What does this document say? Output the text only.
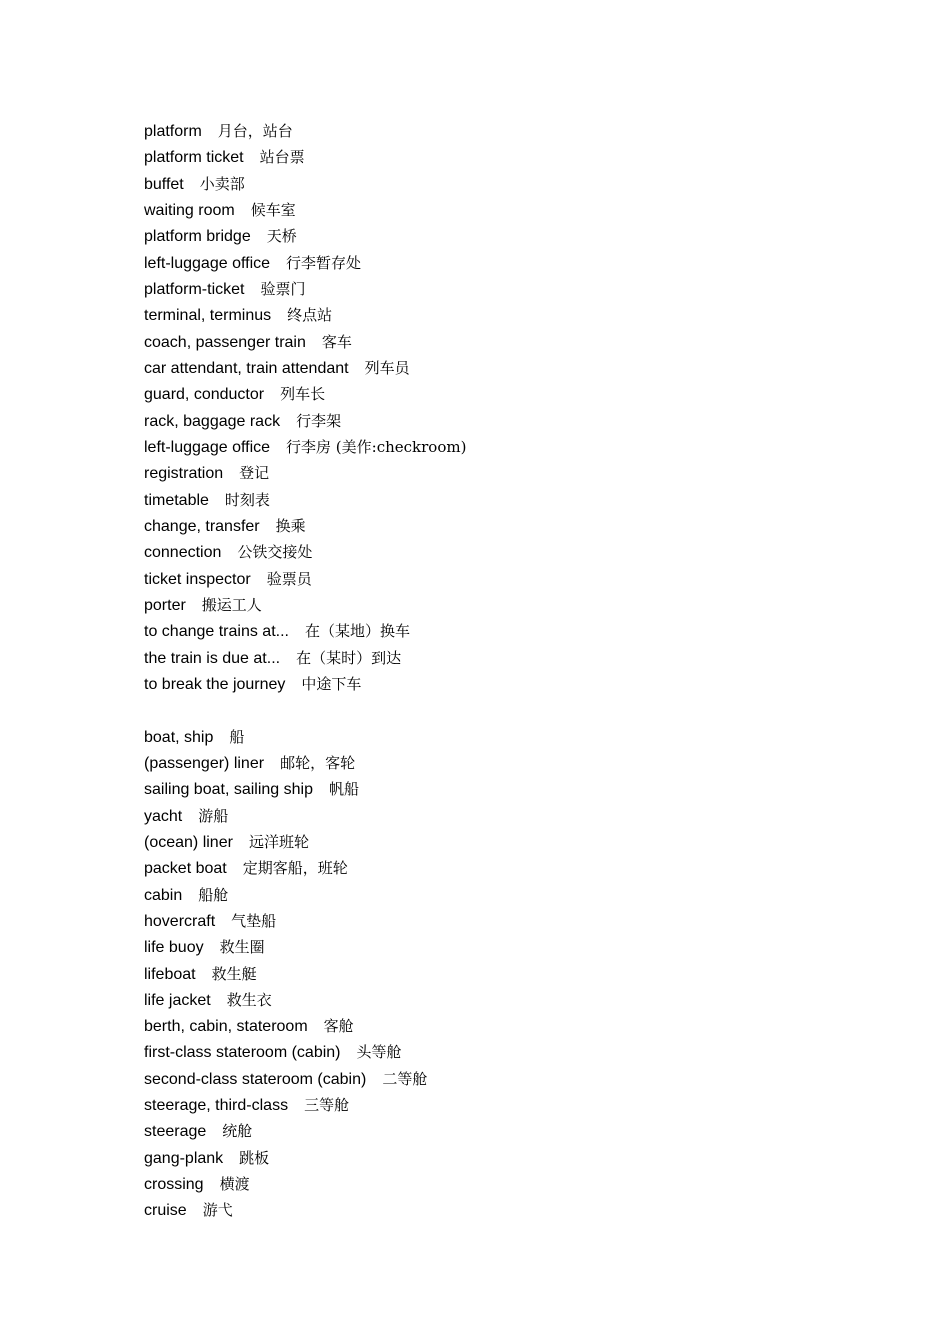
platform 月台，站台
platform ticket 站台票
buffet 小卖部
waiting room 候车室
platform bridge 天桥
left-luggage office 行李暂存处
platform-ticket 验票门
terminal, terminus 终点站
coach, passenger train 客车
car attendant, train attendant 列车员
guard, conductor 列车长
rack, baggage rack 行李架
left-luggage office 行李房 (美作:checkroom)
registration 登记
timetable 时刻表
change, transfer 换乘
connection 公铁交接处
ticket inspector 验票员
porter 搬运工人
to change trains at... 在（某地）换车
the train is due at... 在（某时）到达
to break the journey 中途下车
boat, ship 船
(passenger) liner 邮轮，客轮
sailing boat, sailing ship 帆船
yacht 游船
(ocean) liner 远洋班轮
packet boat 定期客船，班轮
cabin 船舱
hovercraft 气垫船
life buoy 救生圈
lifeboat 救生艇
life jacket 救生衣
berth, cabin, stateroom 客舱
first-class stateroom (cabin) 头等舱
second-class stateroom (cabin) 二等舱
steerage, third-class 三等舱
steerage 统舱
gang-plank 跳板
crossing 横渡
cruise 游弋
